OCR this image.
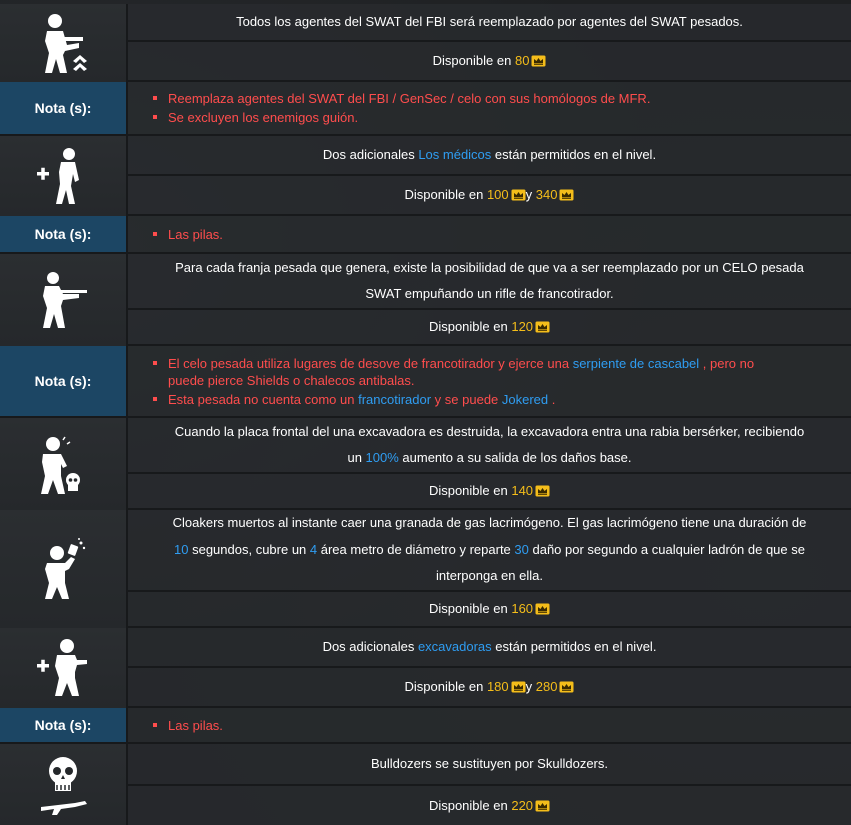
Todos los agentes del SWAT del FBI será reemplazado por agentes del SWAT pesados.
Disponible en 80
Nota (s):
Reemplaza agentes del SWAT del FBI / GenSec / celo con sus homólogos de MFR.
Se excluyen los enemigos guión.
Dos adicionales Los médicos están permitidos en el nivel.
Disponible en 100 y 340
Nota (s):	Las pilas.
Para cada franja pesada que genera, existe la posibilidad de que va a ser reemplazado por un CELO pesada
SWAT empuñando un rifle de francotirador.
Disponible en 120
Nota (s):
El celo pesada utiliza lugares de desove de francotirador y ejerce una serpiente de cascabel , pero no
puede pierce Shields o chalecos antibalas.
Esta pesada no cuenta como un francotirador y se puede Jokered .
Cuando la placa frontal del una excavadora es destruida, la excavadora entra una rabia bersérker, recibiendo
un 100% aumento a su salida de los daños base.
Disponible en 140
Cloakers muertos al instante caer una granada de gas lacrimógeno. El gas lacrimógeno tiene una duración de
10 segundos, cubre un 4 área metro de diámetro y reparte 30 daño por segundo a cualquier ladrón de que se
interponga en ella.
Disponible en 160
Dos adicionales excavadoras están permitidos en el nivel.
Disponible en 180 y 280
Nota (s):	Las pilas.
Bulldozers se sustituyen por Skulldozers.
Disponible en 220
